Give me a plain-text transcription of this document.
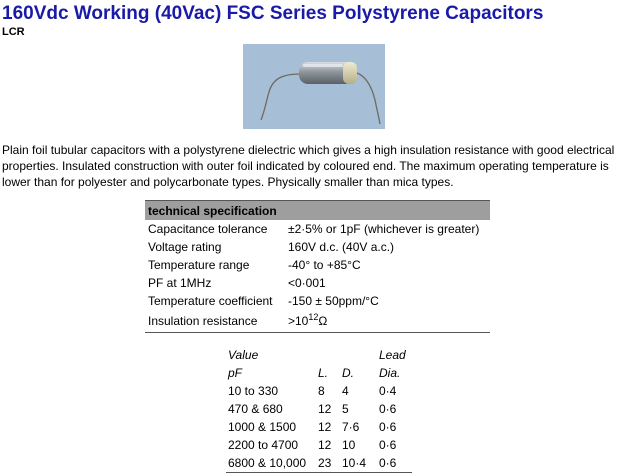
160Vdc Working (40Vac) FSC Series Polystyrene Capacitors
LCR

Plain foil tubular capacitors with a polystyrene dielectric which gives a high insulation resistance with good electrical properties. Insulated construction with outer foil indicated by coloured end. The maximum operating temperature is lower than for polyester and polycarbonate types. Physically smaller than mica types.

technical specification	
Capacitance tolerance	±2·5% or 1pF (whichever is greater)
Voltage rating	160V d.c. (40V a.c.)
Temperature range	-40° to +85°C
PF at 1MHz	<0·001
Temperature coefficient	-150 ± 50ppm/°C
Insulation resistance	$>10^{12}\Omega$
Value			Lead
pF	L.	D.	Dia.
10 to 330	8	4	0·4
470 & 680	12	5	0·6
1000 & 1500	12	7·6	0·6
2200 to 4700	12	10	0·6
6800 & 10,000	23	10·4	0·6
